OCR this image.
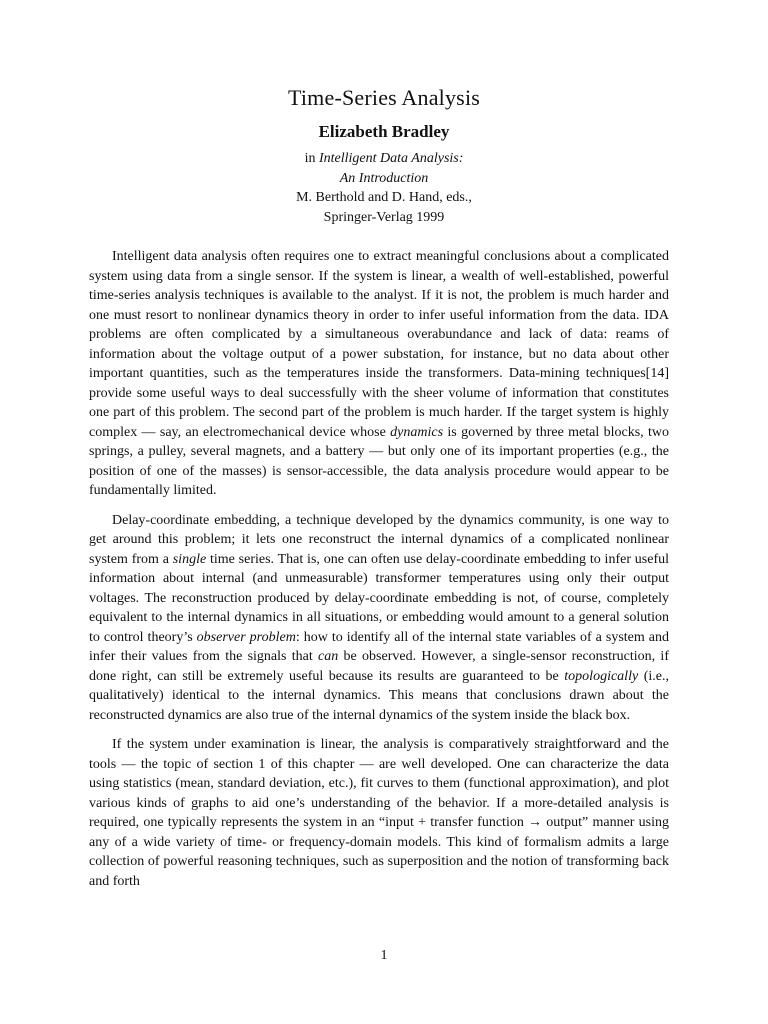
Time-Series Analysis
Elizabeth Bradley
in Intelligent Data Analysis:
An Introduction
M. Berthold and D. Hand, eds.,
Springer-Verlag 1999

Intelligent data analysis often requires one to extract meaningful conclusions about a complicated system using data from a single sensor. If the system is linear, a wealth of well-established, powerful time-series analysis techniques is available to the analyst. If it is not, the problem is much harder and one must resort to nonlinear dynamics theory in order to infer useful information from the data. IDA problems are often complicated by a simultaneous overabundance and lack of data: reams of information about the voltage output of a power substation, for instance, but no data about other important quantities, such as the temperatures inside the transformers. Data-mining techniques[14] provide some useful ways to deal successfully with the sheer volume of information that constitutes one part of this problem. The second part of the problem is much harder. If the target system is highly complex — say, an electromechanical device whose dynamics is governed by three metal blocks, two springs, a pulley, several magnets, and a battery — but only one of its important properties (e.g., the position of one of the masses) is sensor-accessible, the data analysis procedure would appear to be fundamentally limited.

Delay-coordinate embedding, a technique developed by the dynamics community, is one way to get around this problem; it lets one reconstruct the internal dynamics of a complicated nonlinear system from a single time series. That is, one can often use delay-coordinate embedding to infer useful information about internal (and unmeasurable) transformer temperatures using only their output voltages. The reconstruction produced by delay-coordinate embedding is not, of course, completely equivalent to the internal dynamics in all situations, or embedding would amount to a general solution to control theory’s observer problem: how to identify all of the internal state variables of a system and infer their values from the signals that can be observed. However, a single-sensor reconstruction, if done right, can still be extremely useful because its results are guaranteed to be topologically (i.e., qualitatively) identical to the internal dynamics. This means that conclusions drawn about the reconstructed dynamics are also true of the internal dynamics of the system inside the black box.

If the system under examination is linear, the analysis is comparatively straightforward and the tools — the topic of section 1 of this chapter — are well developed. One can characterize the data using statistics (mean, standard deviation, etc.), fit curves to them (functional approximation), and plot various kinds of graphs to aid one’s understanding of the behavior. If a more-detailed analysis is required, one typically represents the system in an “input + transfer function → output” manner using any of a wide variety of time- or frequency-domain models. This kind of formalism admits a large collection of powerful reasoning techniques, such as superposition and the notion of transforming back and forth

1
